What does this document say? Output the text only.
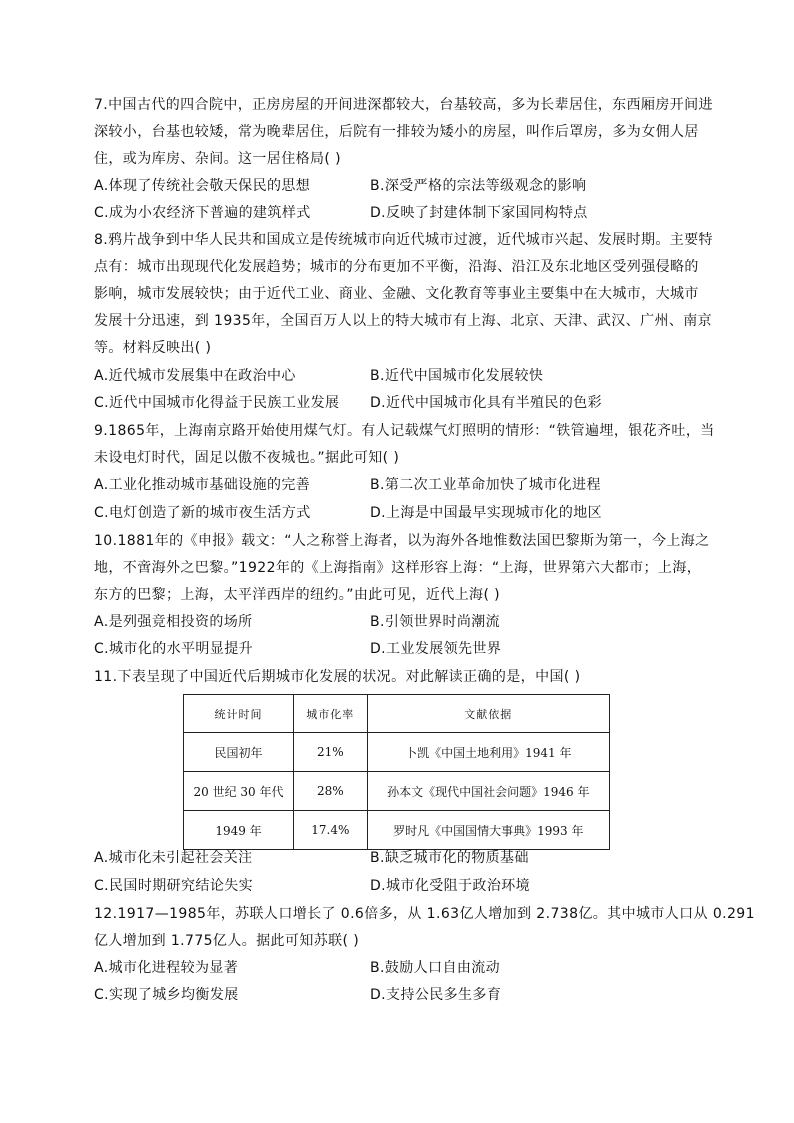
7.中国古代的四合院中，正房房屋的开间进深都较大，台基较高，多为长辈居住，东西厢房开间进
深较小，台基也较矮，常为晚辈居住，后院有一排较为矮小的房屋，叫作后罩房，多为女佣人居
住，或为库房、杂间。这一居住格局( )
A.体现了传统社会敬天保民的思想	B.深受严格的宗法等级观念的影响
C.成为小农经济下普遍的建筑样式	D.反映了封建体制下家国同构特点
8.鸦片战争到中华人民共和国成立是传统城市向近代城市过渡，近代城市兴起、发展时期。主要特
点有：城市出现现代化发展趋势；城市的分布更加不平衡，沿海、沿江及东北地区受列强侵略的
影响，城市发展较快；由于近代工业、商业、金融、文化教育等事业主要集中在大城市，大城市
发展十分迅速，到 1935年，全国百万人以上的特大城市有上海、北京、天津、武汉、广州、南京
等。材料反映出( )
A.近代城市发展集中在政治中心	B.近代中国城市化发展较快
C.近代中国城市化得益于民族工业发展 D.近代中国城市化具有半殖民的色彩
9.1865年，上海南京路开始使用煤气灯。有人记载煤气灯照明的情形：“铁管遍埋，银花齐吐，当
未设电灯时代，固足以傲不夜城也。”据此可知( )
A.工业化推动城市基础设施的完善	B.第二次工业革命加快了城市化进程
C.电灯创造了新的城市夜生活方式	D.上海是中国最早实现城市化的地区
10.1881年的《申报》载文：“人之称誉上海者，以为海外各地惟数法国巴黎斯为第一，今上海之
地，不啻海外之巴黎。”1922年的《上海指南》这样形容上海：“上海，世界第六大都市；上海，
东方的巴黎；上海，太平洋西岸的纽约。”由此可见，近代上海( )
A.是列强竞相投资的场所	B.引领世界时尚潮流
C.城市化的水平明显提升	D.工业发展领先世界
11.下表呈现了中国近代后期城市化发展的状况。对此解读正确的是，中国( )
统计时间	城市化率	文献依据
民国初年	21%	卜凯《中国土地利用》1941 年
20 世纪 30 年代	28%	孙本文《现代中国社会问题》1946 年
1949 年	17.4%	罗时凡《中国国情大事典》1993 年
A.城市化未引起社会关注	B.缺乏城市化的物质基础
C.民国时期研究结论失实	D.城市化受阻于政治环境
12.1917—1985年，苏联人口增长了 0.6倍多，从 1.63亿人增加到 2.738亿。其中城市人口从 0.291
亿人增加到 1.775亿人。据此可知苏联( )
A.城市化进程较为显著	B.鼓励人口自由流动
C.实现了城乡均衡发展	D.支持公民多生多育
